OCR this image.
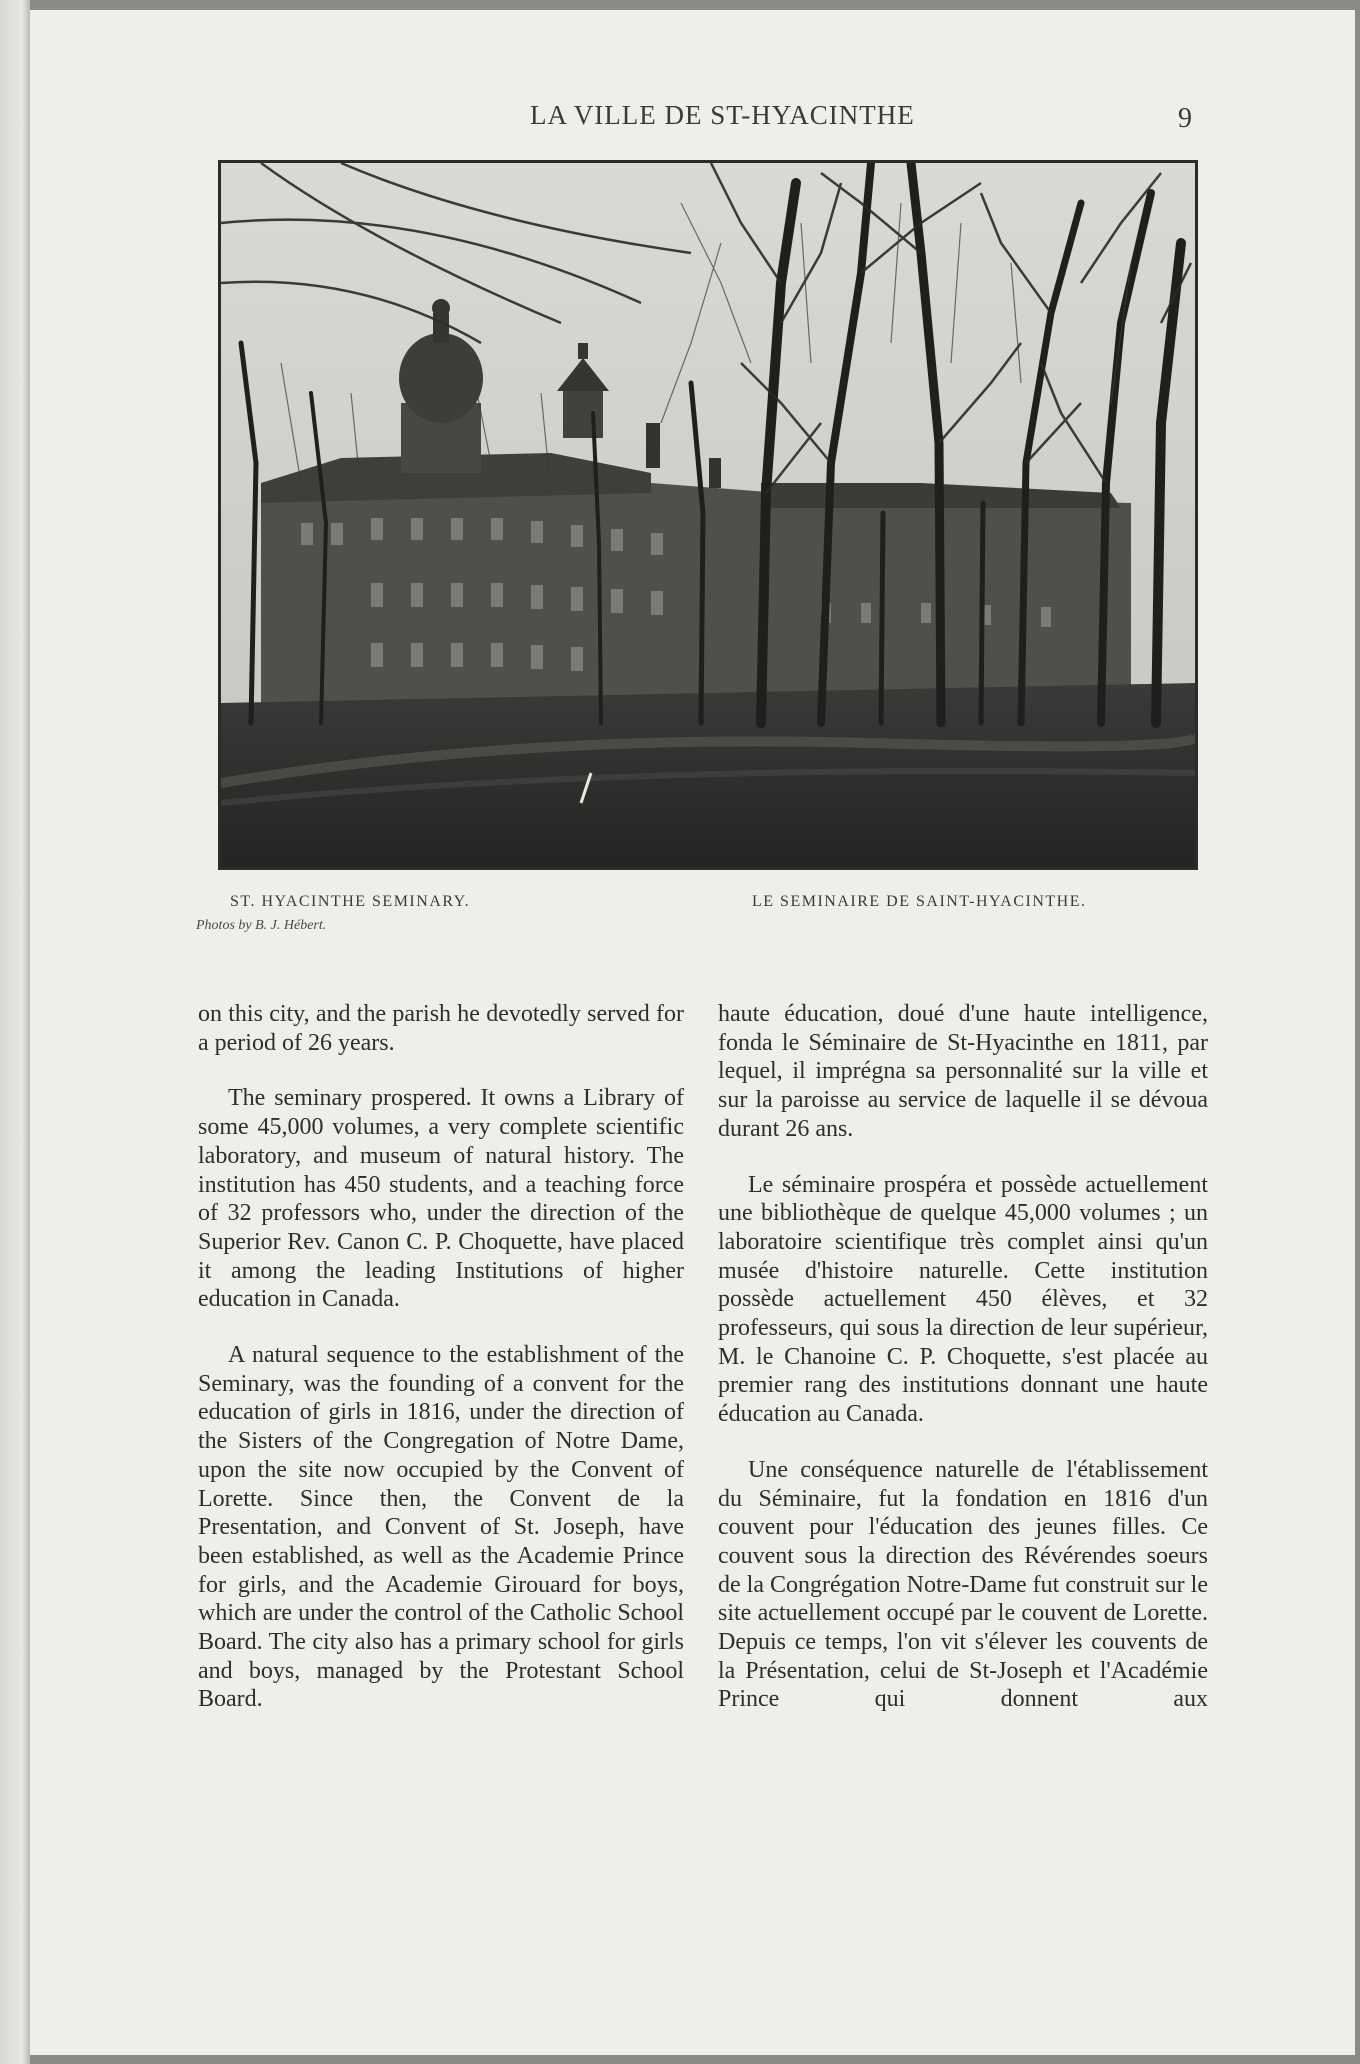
LA VILLE DE ST-HYACINTHE	9
ST. HYACINTHE SEMINARY.	LE SEMINAIRE DE SAINT-HYACINTHE.
Photos by B. J. Hébert.

on this city, and the parish he devotedly served for a period of 26 years.

The seminary prospered. It owns a Library of some 45,000 volumes, a very complete scientific laboratory, and museum of natural history. The institution has 450 students, and a teaching force of 32 professors who, under the direction of the Superior Rev. Canon C. P. Choquette, have placed it among the leading Institutions of higher education in Canada.

A natural sequence to the establishment of the Seminary, was the founding of a convent for the education of girls in 1816, under the direction of the Sisters of the Congregation of Notre Dame, upon the site now occupied by the Convent of Lorette. Since then, the Convent de la Presentation, and Convent of St. Joseph, have been established, as well as the Academie Prince for girls, and the Academie Girouard for boys, which are under the control of the Catholic School Board. The city also has a primary school for girls and boys, managed by the Protestant School Board.

haute éducation, doué d'une haute intelligence, fonda le Séminaire de St-Hyacinthe en 1811, par lequel, il imprégna sa personnalité sur la ville et sur la paroisse au service de laquelle il se dévoua durant 26 ans.

Le séminaire prospéra et possède actuellement une bibliothèque de quelque 45,000 volumes ; un laboratoire scientifique très complet ainsi qu'un musée d'histoire naturelle. Cette institution possède actuellement 450 élèves, et 32 professeurs, qui sous la direction de leur supérieur, M. le Chanoine C. P. Choquette, s'est placée au premier rang des institutions donnant une haute éducation au Canada.

Une conséquence naturelle de l'établissement du Séminaire, fut la fondation en 1816 d'un couvent pour l'éducation des jeunes filles. Ce couvent sous la direction des Révérendes soeurs de la Congrégation Notre-Dame fut construit sur le site actuellement occupé par le couvent de Lorette. Depuis ce temps, l'on vit s'élever les couvents de la Présentation, celui de St-Joseph et l'Académie Prince qui donnent aux
